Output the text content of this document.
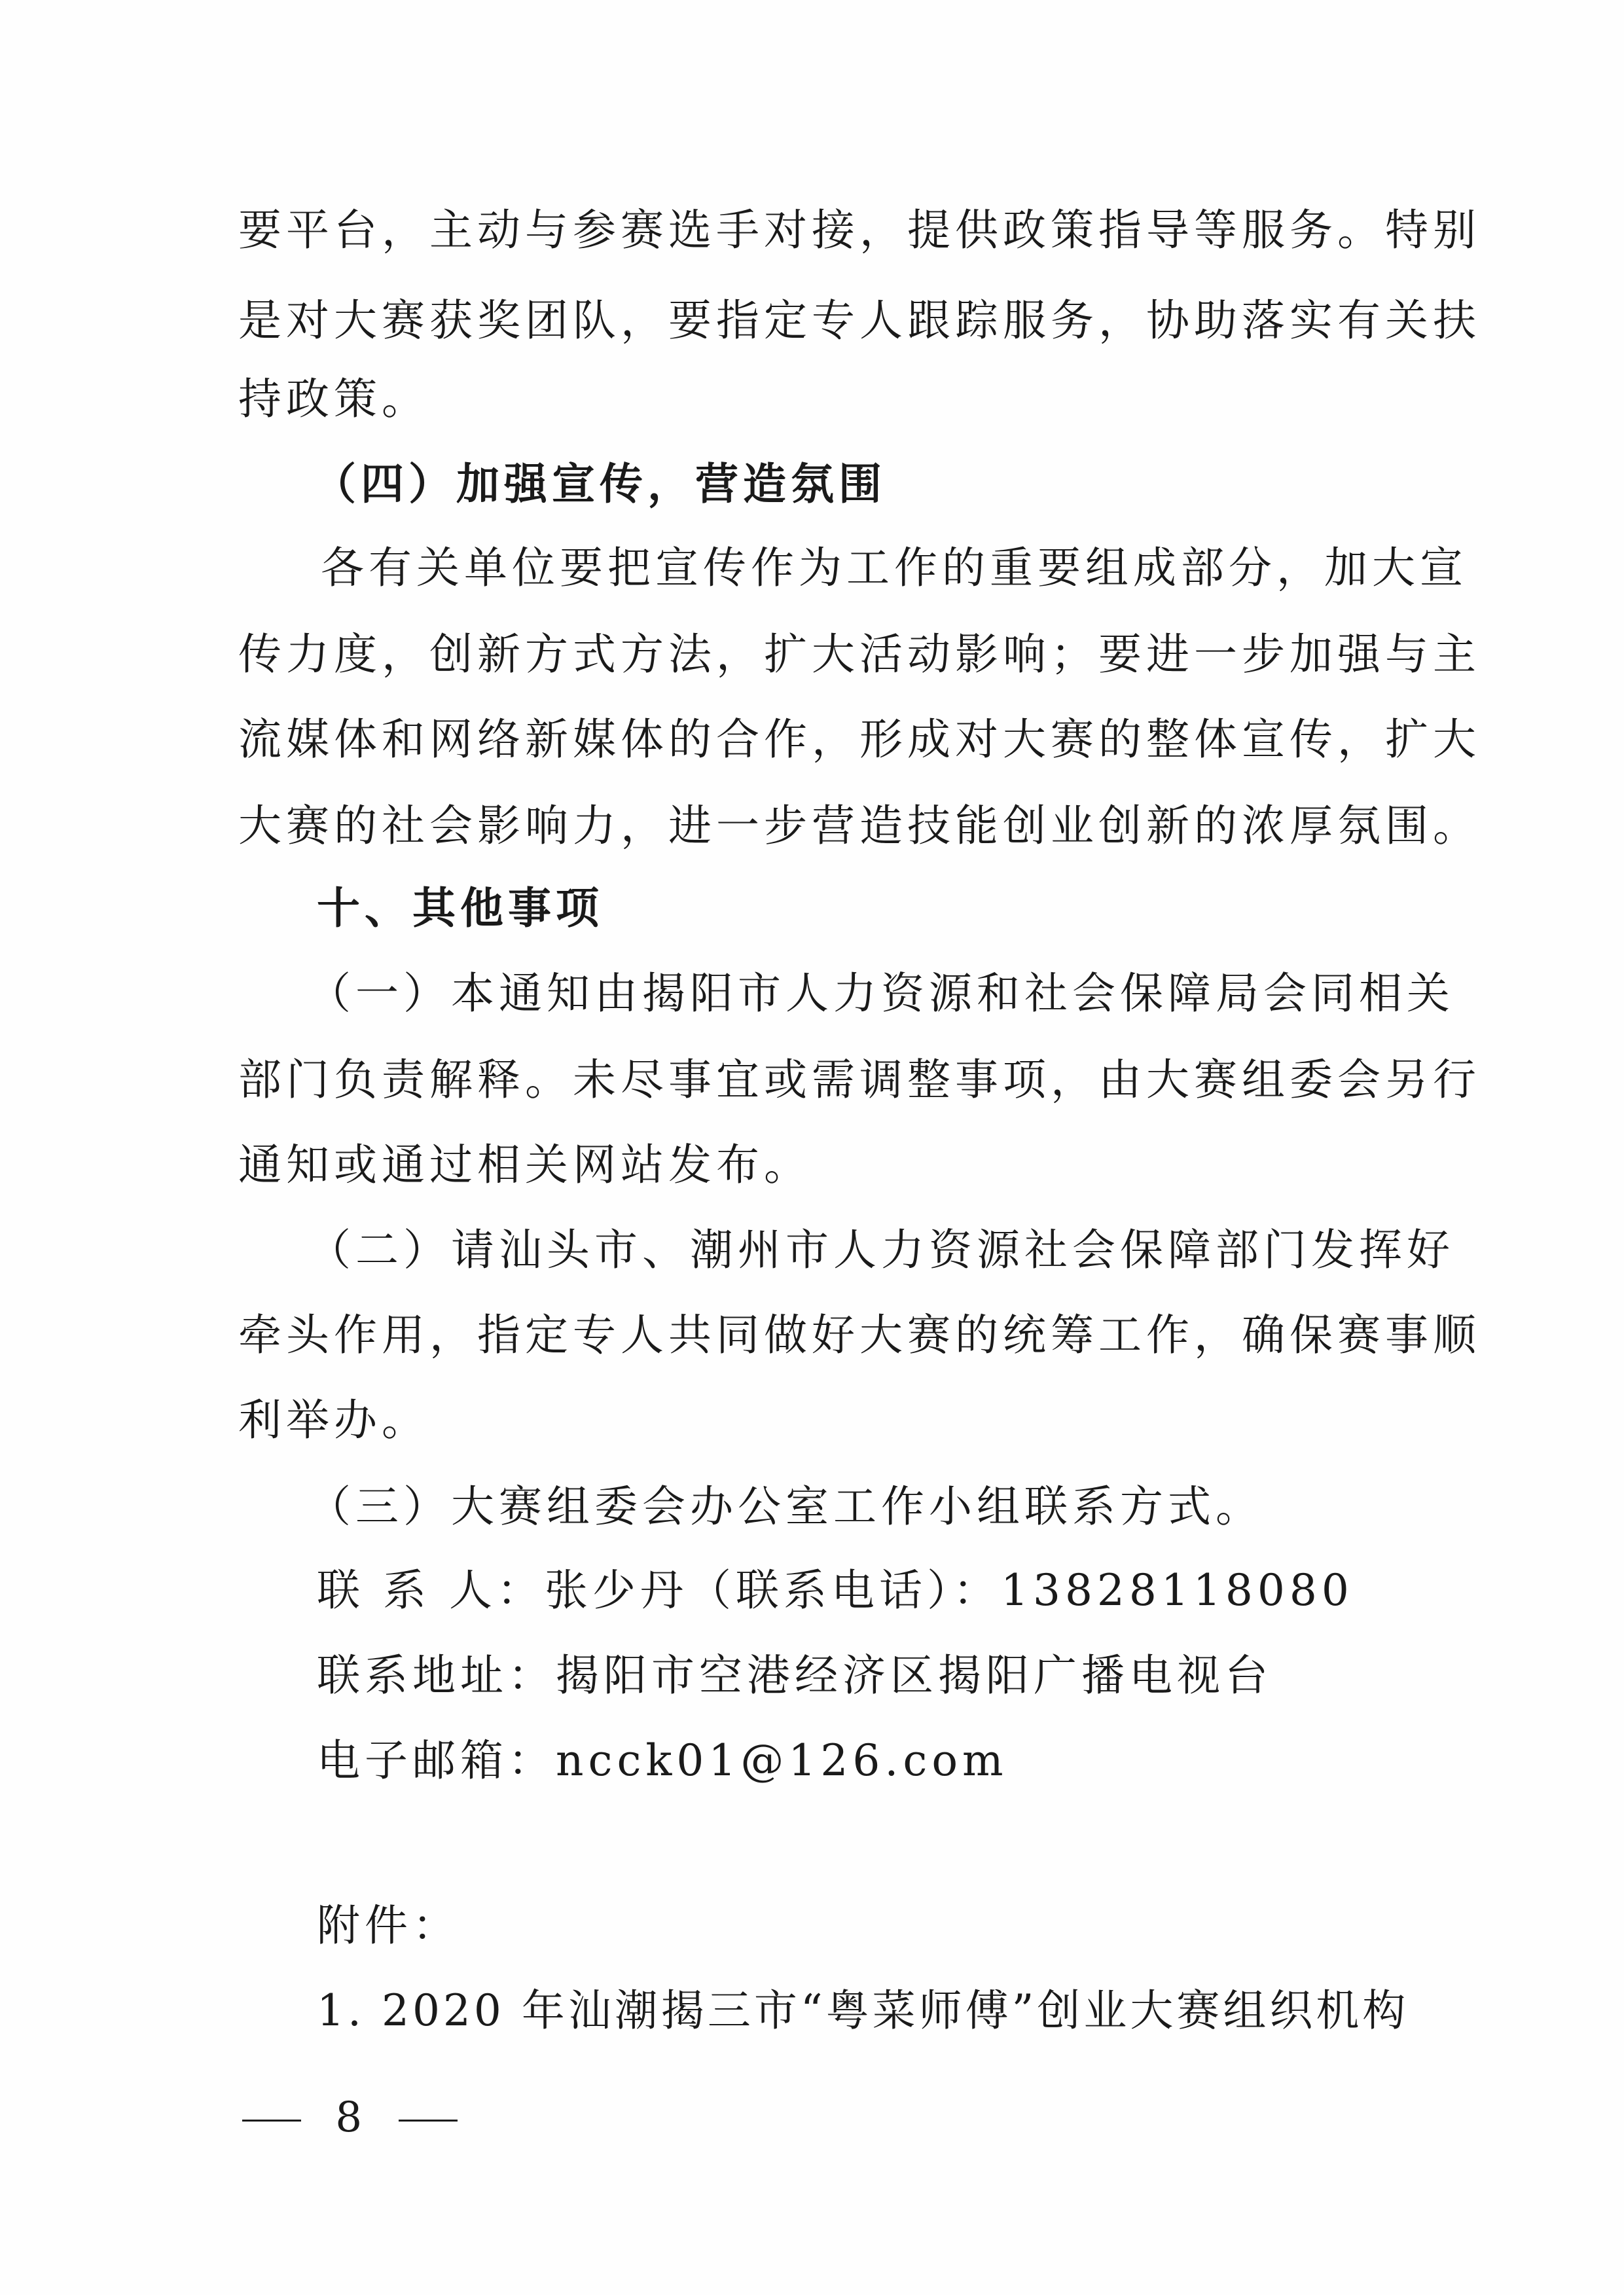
要平台，主动与参赛选手对接，提供政策指导等服务。特别
是对大赛获奖团队，要指定专人跟踪服务，协助落实有关扶
持政策。
（四）加强宣传，营造氛围
各有关单位要把宣传作为工作的重要组成部分，加大宣
传力度，创新方式方法，扩大活动影响；要进一步加强与主
流媒体和网络新媒体的合作，形成对大赛的整体宣传，扩大
大赛的社会影响力，进一步营造技能创业创新的浓厚氛围。
十、其他事项
（一）本通知由揭阳市人力资源和社会保障局会同相关
部门负责解释。未尽事宜或需调整事项，由大赛组委会另行
通知或通过相关网站发布。
（二）请汕头市、潮州市人力资源社会保障部门发挥好
牵头作用，指定专人共同做好大赛的统筹工作，确保赛事顺
利举办。
（三）大赛组委会办公室工作小组联系方式。
联 系 人：张少丹（联系电话）：13828118080
联系地址：揭阳市空港经济区揭阳广播电视台
电子邮箱：ncck01@126.com
附件：
1. 2020 年汕潮揭三市“粤菜师傅”创业大赛组织机构
8
